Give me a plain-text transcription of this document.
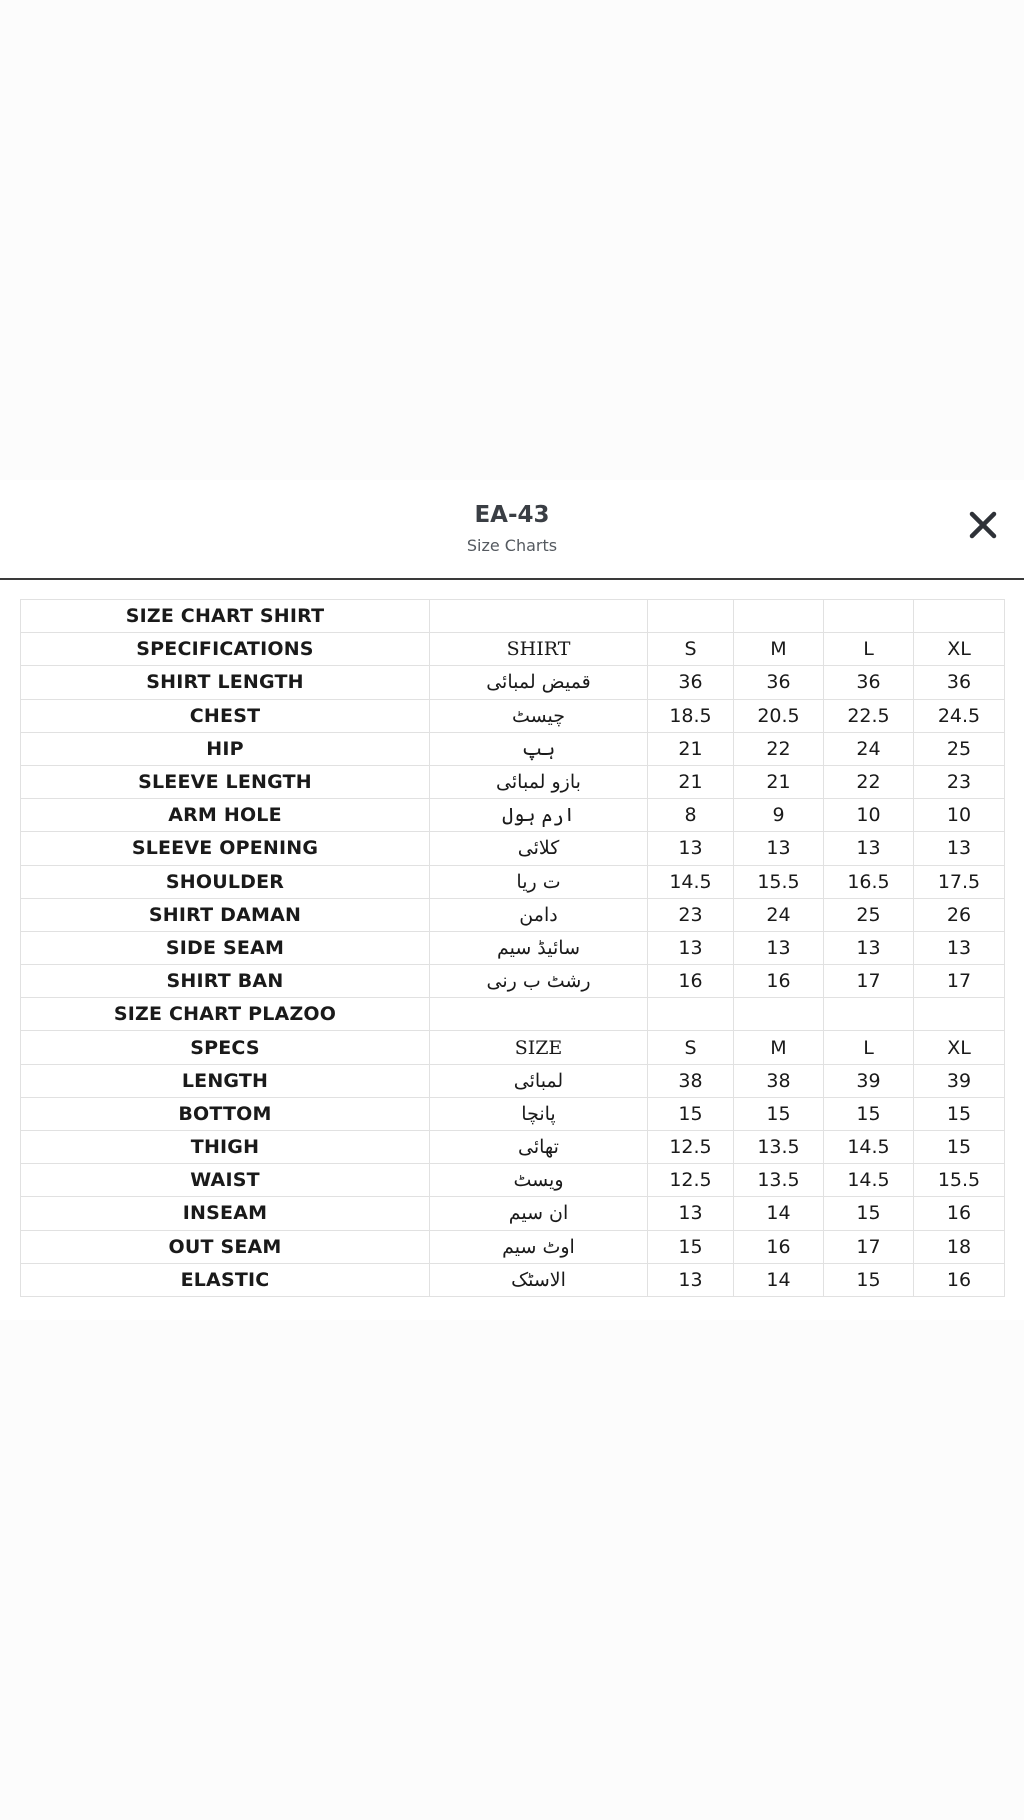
EA-43
Size Charts
SIZE CHART SHIRT					
SPECIFICATIONS	SHIRT	S	M	L	XL
SHIRT LENGTH	قمیض لمبائی	36	36	36	36
CHEST	چیسٹ	18.5	20.5	22.5	24.5
HIP	ہپ	21	22	24	25
SLEEVE LENGTH	بازو لمبائی	21	21	22	23
ARM HOLE	ارم ہول	8	9	10	10
SLEEVE OPENING	کلائی	13	13	13	13
SHOULDER	ت ریا	14.5	15.5	16.5	17.5
SHIRT DAMAN	دامن	23	24	25	26
SIDE SEAM	سائیڈ سیم	13	13	13	13
SHIRT BAN	رشٹ ب رنی	16	16	17	17
SIZE CHART PLAZOO					
SPECS	SIZE	S	M	L	XL
LENGTH	لمبائی	38	38	39	39
BOTTOM	پانچا	15	15	15	15
THIGH	تھائی	12.5	13.5	14.5	15
WAIST	ویسٹ	12.5	13.5	14.5	15.5
INSEAM	ان سیم	13	14	15	16
OUT SEAM	اوٹ سیم	15	16	17	18
ELASTIC	الاسٹک	13	14	15	16
